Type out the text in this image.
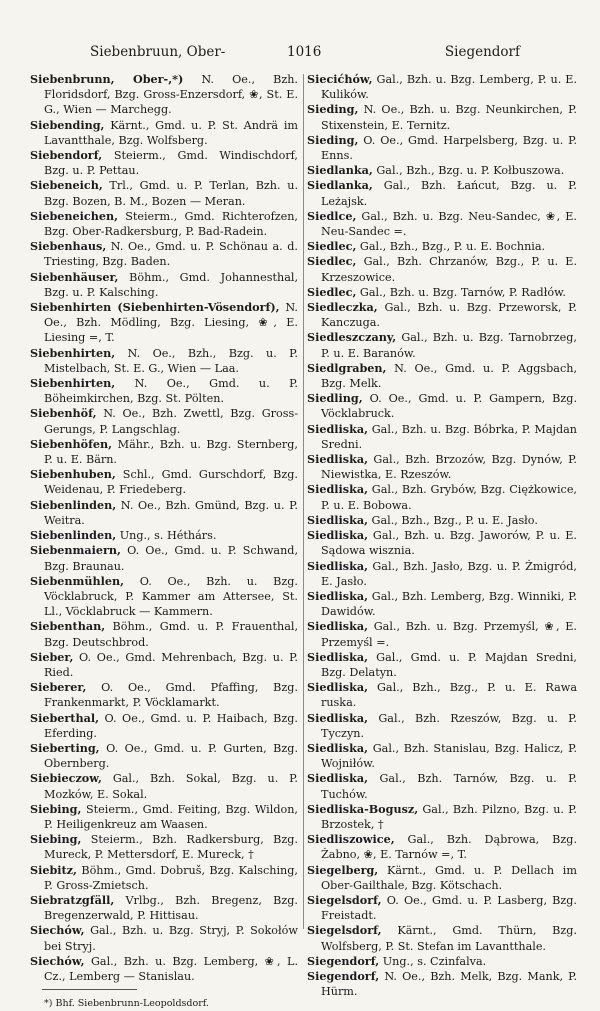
Siebenbruun, Ober-	1016	Siegendorf

Siebenbrunn, Ober-,*) N. Oe., Bzh. Floridsdorf, Bzg. Gross-Enzersdorf, ❀, St. E. G., Wien — Marchegg.

Siebending, Kärnt., Gmd. u. P. St. Andrä im Lavantthale, Bzg. Wolfsberg.

Siebendorf, Steierm., Gmd. Windischdorf, Bzg. u. P. Pettau.

Siebeneich, Trl., Gmd. u. P. Terlan, Bzh. u. Bzg. Bozen, B. M., Bozen — Meran.

Siebeneichen, Steierm., Gmd. Richterofzen, Bzg. Ober-Radkersburg, P. Bad-Radein.

Siebenhaus, N. Oe., Gmd. u. P. Schönau a. d. Triesting, Bzg. Baden.

Siebenhäuser, Böhm., Gmd. Johannesthal, Bzg. u. P. Kalsching.

Siebenhirten (Siebenhirten-Vösendorf), N. Oe., Bzh. Mödling, Bzg. Liesing, ❀, E. Liesing =, T.

Siebenhirten, N. Oe., Bzh., Bzg. u. P. Mistelbach, St. E. G., Wien — Laa.

Siebenhirten, N. Oe., Gmd. u. P. Böheimkirchen, Bzg. St. Pölten.

Siebenhöf, N. Oe., Bzh. Zwettl, Bzg. Gross-Gerungs, P. Langschlag.

Siebenhöfen, Mähr., Bzh. u. Bzg. Sternberg, P. u. E. Bärn.

Siebenhuben, Schl., Gmd. Gurschdorf, Bzg. Weidenau, P. Friedeberg.

Siebenlinden, N. Oe., Bzh. Gmünd, Bzg. u. P. Weitra.

Siebenlinden, Ung., s. Héthárs.

Siebenmaiern, O. Oe., Gmd. u. P. Schwand, Bzg. Braunau.

Siebenmühlen, O. Oe., Bzh. u. Bzg. Vöcklabruck, P. Kammer am Attersee, St. Ll., Vöcklabruck — Kammern.

Siebenthan, Böhm., Gmd. u. P. Frauenthal, Bzg. Deutschbrod.

Sieber, O. Oe., Gmd. Mehrenbach, Bzg. u. P. Ried.

Sieberer, O. Oe., Gmd. Pfaffing, Bzg. Frankenmarkt, P. Vöcklamarkt.

Sieberthal, O. Oe., Gmd. u. P. Haibach, Bzg. Eferding.

Sieberting, O. Oe., Gmd. u. P. Gurten, Bzg. Obernberg.

Siebieczow, Gal., Bzh. Sokal, Bzg. u. P. Mozków, E. Sokal.

Siebing, Steierm., Gmd. Feiting, Bzg. Wildon, P. Heiligenkreuz am Waasen.

Siebing, Steierm., Bzh. Radkersburg, Bzg. Mureck, P. Mettersdorf, E. Mureck, †

Siebitz, Böhm., Gmd. Dobruš, Bzg. Kalsching, P. Gross-Zmietsch.

Siebratzgfäll, Vrlbg., Bzh. Bregenz, Bzg. Bregenzerwald, P. Hittisau.

Siechów, Gal., Bzh. u. Bzg. Stryj, P. Sokołów bei Stryj.

Siechów, Gal., Bzh. u. Bzg. Lemberg, ❀, L. Cz., Lemberg — Stanislau.

*) Bhf. Siebenbrunn-Leopoldsdorf.

Siecićhów, Gal., Bzh. u. Bzg. Lemberg, P. u. E. Kulików.

Sieding, N. Oe., Bzh. u. Bzg. Neunkirchen, P. Stixenstein, E. Ternitz.

Sieding, O. Oe., Gmd. Harpelsberg, Bzg. u. P. Enns.

Siedlanka, Gal., Bzh., Bzg. u. P. Kołbuszowa.

Siedlanka, Gal., Bzh. Łańcut, Bzg. u. P. Leżajsk.

Siedlce, Gal., Bzh. u. Bzg. Neu-Sandec, ❀, E. Neu-Sandec =.

Siedlec, Gal., Bzh., Bzg., P. u. E. Bochnia.

Siedlec, Gal., Bzh. Chrzanów, Bzg., P. u. E. Krzeszowice.

Siedlec, Gal., Bzh. u. Bzg. Tarnów, P. Radłów.

Siedleczka, Gal., Bzh. u. Bzg. Przeworsk, P. Kanczuga.

Siedleszczany, Gal., Bzh. u. Bzg. Tarnobrzeg, P. u. E. Baranów.

Siedlgraben, N. Oe., Gmd. u. P. Aggsbach, Bzg. Melk.

Siedling, O. Oe., Gmd. u. P. Gampern, Bzg. Vöcklabruck.

Siedliska, Gal., Bzh. u. Bzg. Bóbrka, P. Majdan Sredni.

Siedliska, Gal., Bzh. Brzozów, Bzg. Dynów, P. Niewistka, E. Rzeszów.

Siedliska, Gal., Bzh. Grybów, Bzg. Ciężkowice, P. u. E. Bobowa.

Siedliska, Gal., Bzh., Bzg., P. u. E. Jasło.

Siedliska, Gal., Bzh. u. Bzg. Jaworów, P. u. E. Sądowa wisznia.

Siedliska, Gal., Bzh. Jasło, Bzg. u. P. Żmigród, E. Jasło.

Siedliska, Gal., Bzh. Lemberg, Bzg. Winniki, P. Dawidów.

Siedliska, Gal., Bzh. u. Bzg. Przemyśl, ❀, E. Przemyśl =.

Siedliska, Gal., Gmd. u. P. Majdan Sredni, Bzg. Delatyn.

Siedliska, Gal., Bzh., Bzg., P. u. E. Rawa ruska.

Siedliska, Gal., Bzh. Rzeszów, Bzg. u. P. Tyczyn.

Siedliska, Gal., Bzh. Stanislau, Bzg. Halicz, P. Wojniłów.

Siedliska, Gal., Bzh. Tarnów, Bzg. u. P. Tuchów.

Siedliska-Bogusz, Gal., Bzh. Pilzno, Bzg. u. P. Brzostek, †

Siedliszowice, Gal., Bzh. Dąbrowa, Bzg. Żabno, ❀, E. Tarnów =, T.

Siegelberg, Kärnt., Gmd. u. P. Dellach im Ober-Gailthale, Bzg. Kötschach.

Siegelsdorf, O. Oe., Gmd. u. P. Lasberg, Bzg. Freistadt.

Siegelsdorf, Kärnt., Gmd. Thürn, Bzg. Wolfsberg, P. St. Stefan im Lavantthale.

Siegendorf, Ung., s. Czinfalva.

Siegendorf, N. Oe., Bzh. Melk, Bzg. Mank, P. Hürm.
